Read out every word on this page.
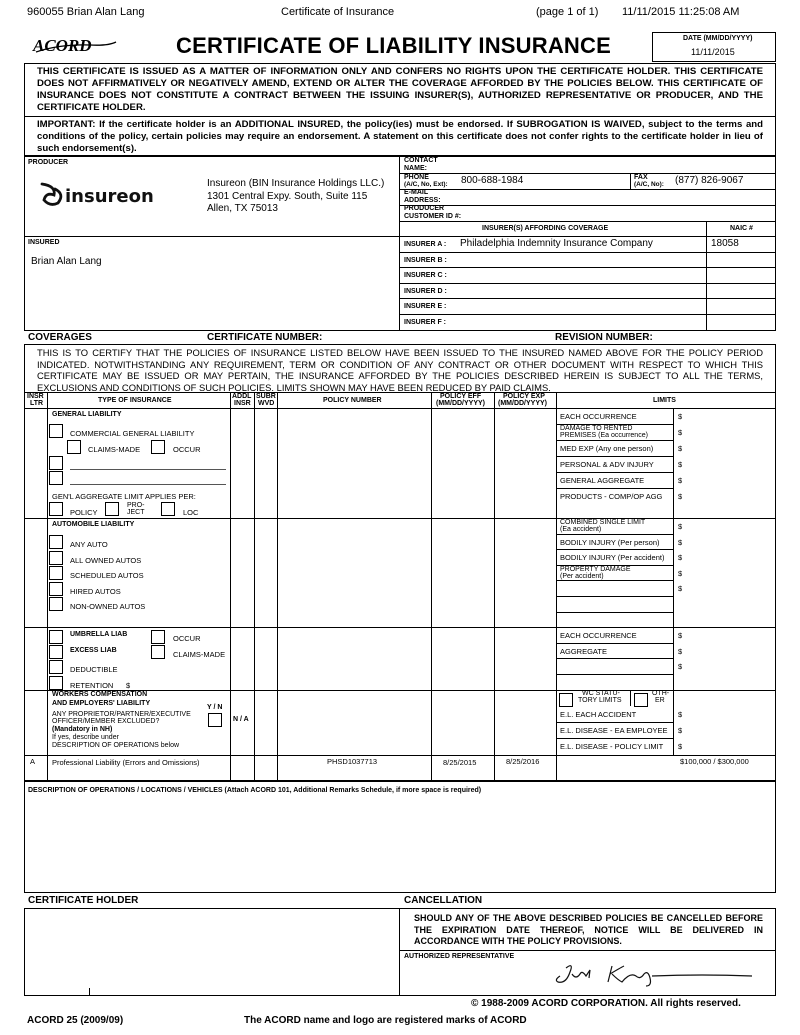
960055 Brian Alan Lang	Certificate of Insurance	(page 1 of 1) 11/11/2015 11:25:08 AM
ACORD	CERTIFICATE OF LIABILITY INSURANCE	DATE (MM/DD/YYYY)
11/11/2015
THIS CERTIFICATE IS ISSUED AS A MATTER OF INFORMATION ONLY AND CONFERS NO RIGHTS UPON THE CERTIFICATE HOLDER. THIS CERTIFICATE DOES NOT AFFIRMATIVELY OR NEGATIVELY AMEND, EXTEND OR ALTER THE COVERAGE AFFORDED BY THE POLICIES BELOW. THIS CERTIFICATE OF INSURANCE DOES NOT CONSTITUTE A CONTRACT BETWEEN THE ISSUING INSURER(S), AUTHORIZED REPRESENTATIVE OR PRODUCER, AND THE CERTIFICATE HOLDER.
IMPORTANT: If the certificate holder is an ADDITIONAL INSURED, the policy(ies) must be endorsed. If SUBROGATION IS WAIVED, subject to the terms and conditions of the policy, certain policies may require an endorsement. A statement on this certificate does not confer rights to the certificate holder in lieu of such endorsement(s).
PRODUCER
insureon
Insureon (BIN Insurance Holdings LLC.)
1301 Central Expy. South, Suite 115
Allen, TX 75013
INSURED
Brian Alan Lang
CONTACT
NAME:
PHONE
(A/C, No, Ext): 800-688-1984	FAX
(A/C, No): (877) 826-9067
E-MAIL
ADDRESS:
PRODUCER
CUSTOMER ID #:
INSURER(S) AFFORDING COVERAGE	NAIC #
INSURER A : Philadelphia Indemnity Insurance Company	18058
INSURER B :
INSURER C :
INSURER D :
INSURER E :
INSURER F :
COVERAGES	CERTIFICATE NUMBER:	REVISION NUMBER:
THIS IS TO CERTIFY THAT THE POLICIES OF INSURANCE LISTED BELOW HAVE BEEN ISSUED TO THE INSURED NAMED ABOVE FOR THE POLICY PERIOD INDICATED. NOTWITHSTANDING ANY REQUIREMENT, TERM OR CONDITION OF ANY CONTRACT OR OTHER DOCUMENT WITH RESPECT TO WHICH THIS CERTIFICATE MAY BE ISSUED OR MAY PERTAIN, THE INSURANCE AFFORDED BY THE POLICIES DESCRIBED HEREIN IS SUBJECT TO ALL THE TERMS, EXCLUSIONS AND CONDITIONS OF SUCH POLICIES. LIMITS SHOWN MAY HAVE BEEN REDUCED BY PAID CLAIMS.
INSR
LTR	TYPE OF INSURANCE
ADDL
INSR
SUBR
WVD	POLICY NUMBER
POLICY EFF
(MM/DD/YYYY)
POLICY EXP
(MM/DD/YYYY)	LIMITS
GENERAL LIABILITY
COMMERCIAL GENERAL LIABILITY
CLAIMS-MADE	OCCUR
GEN'L AGGREGATE LIMIT APPLIES PER:
POLICY
PRO-
JECT	LOC
EACH OCCURRENCE	$
DAMAGE TO RENTED
PREMISES (Ea occurrence)	$
MED EXP (Any one person)	$
PERSONAL & ADV INJURY	$
GENERAL AGGREGATE	$
PRODUCTS - COMP/OP AGG $
AUTOMOBILE LIABILITY
ANY AUTO
ALL OWNED AUTOS
SCHEDULED AUTOS
HIRED AUTOS
NON-OWNED AUTOS
COMBINED SINGLE LIMIT
(Ea accident)	$
BODILY INJURY (Per person) $
BODILY INJURY (Per accident) $
PROPERTY DAMAGE
(Per accident)	$
$
UMBRELLA LIAB	OCCUR
EXCESS LIAB	CLAIMS-MADE
DEDUCTIBLE
RETENTION $
EACH OCCURRENCE	$
AGGREGATE	$
$
WORKERS COMPENSATION
AND EMPLOYERS' LIABILITY
Y / N
ANY PROPRIETOR/PARTNER/EXECUTIVE
OFFICER/MEMBER EXCLUDED?
(Mandatory in NH)
If yes, describe under
DESCRIPTION OF OPERATIONS below
N / A
WC STATU-
TORY LIMITS
OTH-
ER
E.L. EACH ACCIDENT	$
E.L. DISEASE - EA EMPLOYEE $
E.L. DISEASE - POLICY LIMIT $
A Professional Liability (Errors and Omissions)	PHSD1037713	8/25/2015	8/25/2016	$100,000 / $300,000
DESCRIPTION OF OPERATIONS / LOCATIONS / VEHICLES (Attach ACORD 101, Additional Remarks Schedule, if more space is required)
CERTIFICATE HOLDER	CANCELLATION
SHOULD ANY OF THE ABOVE DESCRIBED POLICIES BE CANCELLED BEFORE THE EXPIRATION DATE THEREOF, NOTICE WILL BE DELIVERED IN ACCORDANCE WITH THE POLICY PROVISIONS.
AUTHORIZED REPRESENTATIVE
© 1988-2009 ACORD CORPORATION. All rights reserved.
ACORD 25 (2009/09)	The ACORD name and logo are registered marks of ACORD
